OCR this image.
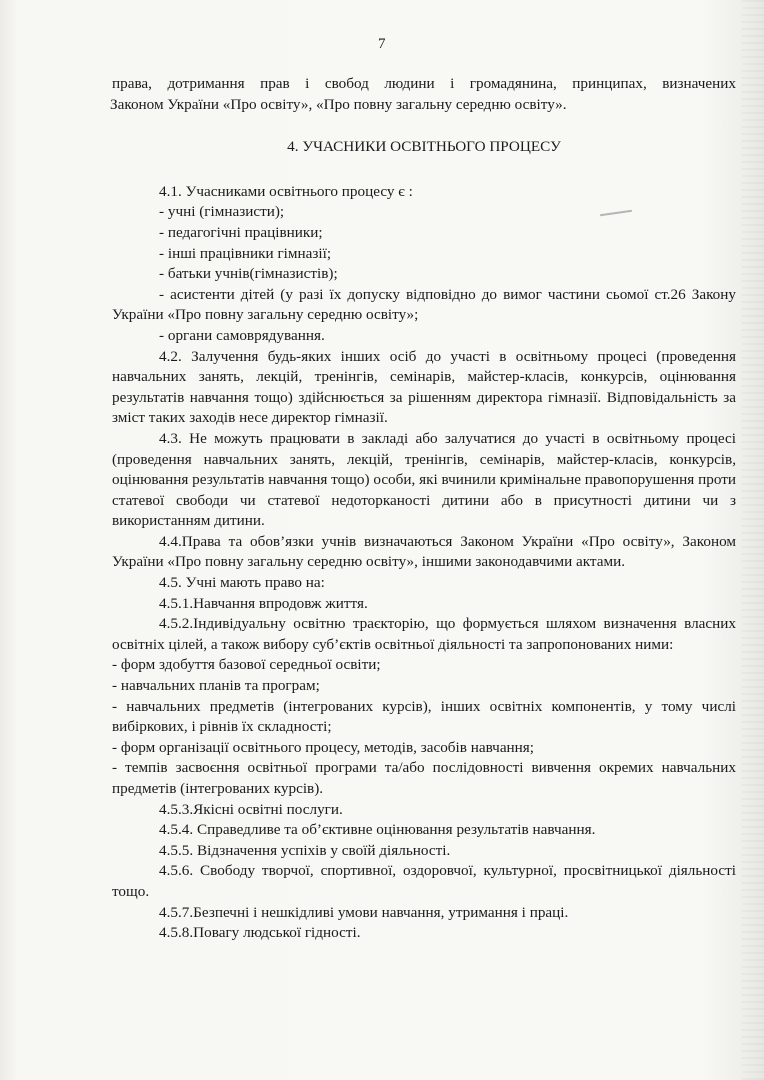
7

права, дотримання прав і свобод людини і громадянина, принципах, визначених

Законом України «Про освіту», «Про повну загальну середню освіту».

4. УЧАСНИКИ ОСВІТНЬОГО ПРОЦЕСУ

4.1. Учасниками освітнього процесу є :

- учні (гімназисти);

- педагогічні працівники;

- інші працівники гімназії;

- батьки учнів(гімназистів);

- асистенти дітей (у разі їх допуску відповідно до вимог частини сьомої ст.26 Закону України «Про повну загальну середню освіту»;

- органи самоврядування.

4.2. Залучення будь-яких інших осіб до участі в освітньому процесі (проведення навчальних занять, лекцій, тренінгів, семінарів, майстер-класів, конкурсів, оцінювання результатів навчання тощо) здійснюється за рішенням директора гімназії. Відповідальність за зміст таких заходів несе директор гімназії.

4.3. Не можуть працювати в закладі або залучатися до участі в освітньому процесі (проведення навчальних занять, лекцій, тренінгів, семінарів, майстер-класів, конкурсів, оцінювання результатів навчання тощо) особи, які вчинили кримінальне правопорушення проти статевої свободи чи статевої недоторканості дитини або в присутності дитини чи з використанням дитини.

4.4.Права та обов’язки учнів визначаються Законом України «Про освіту», Законом України «Про повну загальну середню освіту», іншими законодавчими актами.

4.5. Учні мають право на:

4.5.1.Навчання впродовж життя.

4.5.2.Індивідуальну освітню траєкторію, що формується шляхом визначення власних освітніх цілей, а також вибору суб’єктів освітньої діяльності та запропонованих ними:

- форм здобуття базової середньої освіти;

- навчальних планів та програм;

- навчальних предметів (інтегрованих курсів), інших освітніх компонентів, у тому числі вибіркових, і рівнів їх складності;

- форм організації освітнього процесу, методів, засобів навчання;

- темпів засвоєння освітньої програми та/або послідовності вивчення окремих навчальних предметів (інтегрованих курсів).

4.5.3.Якісні освітні послуги.

4.5.4. Справедливе та об’єктивне оцінювання результатів навчання.

4.5.5. Відзначення успіхів у своїй діяльності.

4.5.6. Свободу творчої, спортивної, оздоровчої, культурної, просвітницької діяльності тощо.

4.5.7.Безпечні і нешкідливі умови навчання, утримання і праці.

4.5.8.Повагу людської гідності.
